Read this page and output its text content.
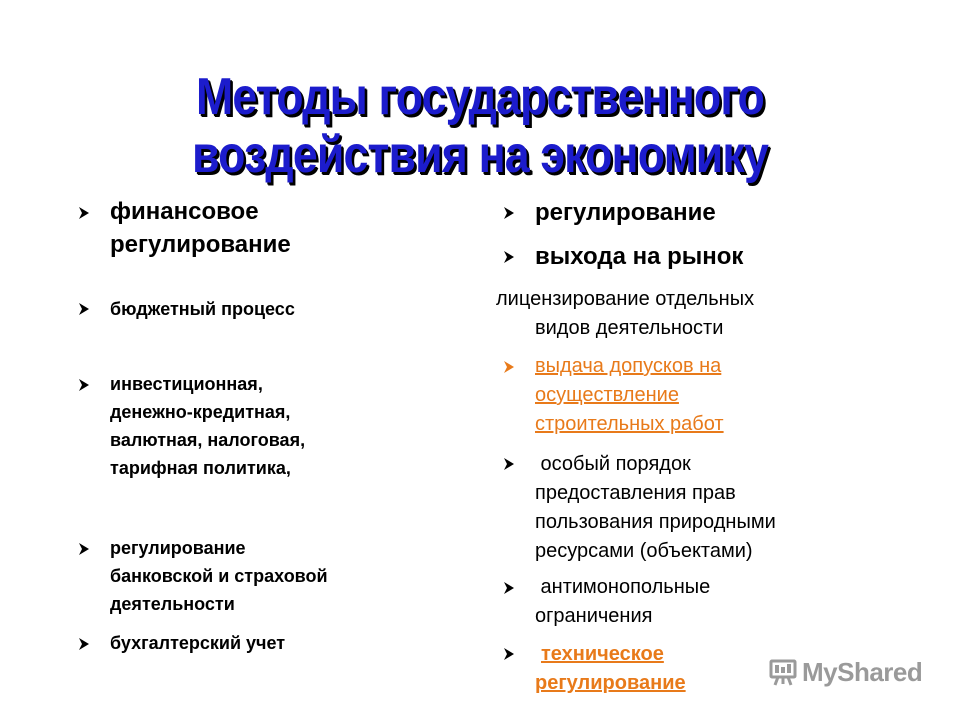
Методы государственного
воздействия на экономику
финансовое
регулирование
бюджетный процесс
инвестиционная,
денежно-кредитная,
валютная, налоговая,
тарифная политика,
регулирование
банковской и страховой
деятельности
бухгалтерский учет
регулирование
выхода на рынок
лицензирование отдельных
видов деятельности
выдача допусков на
осуществление
строительных работ
особый порядок
предоставления прав
пользования природными
ресурсами (объектами)
антимонопольные
ограничения
техническое
регулирование	MyShared
